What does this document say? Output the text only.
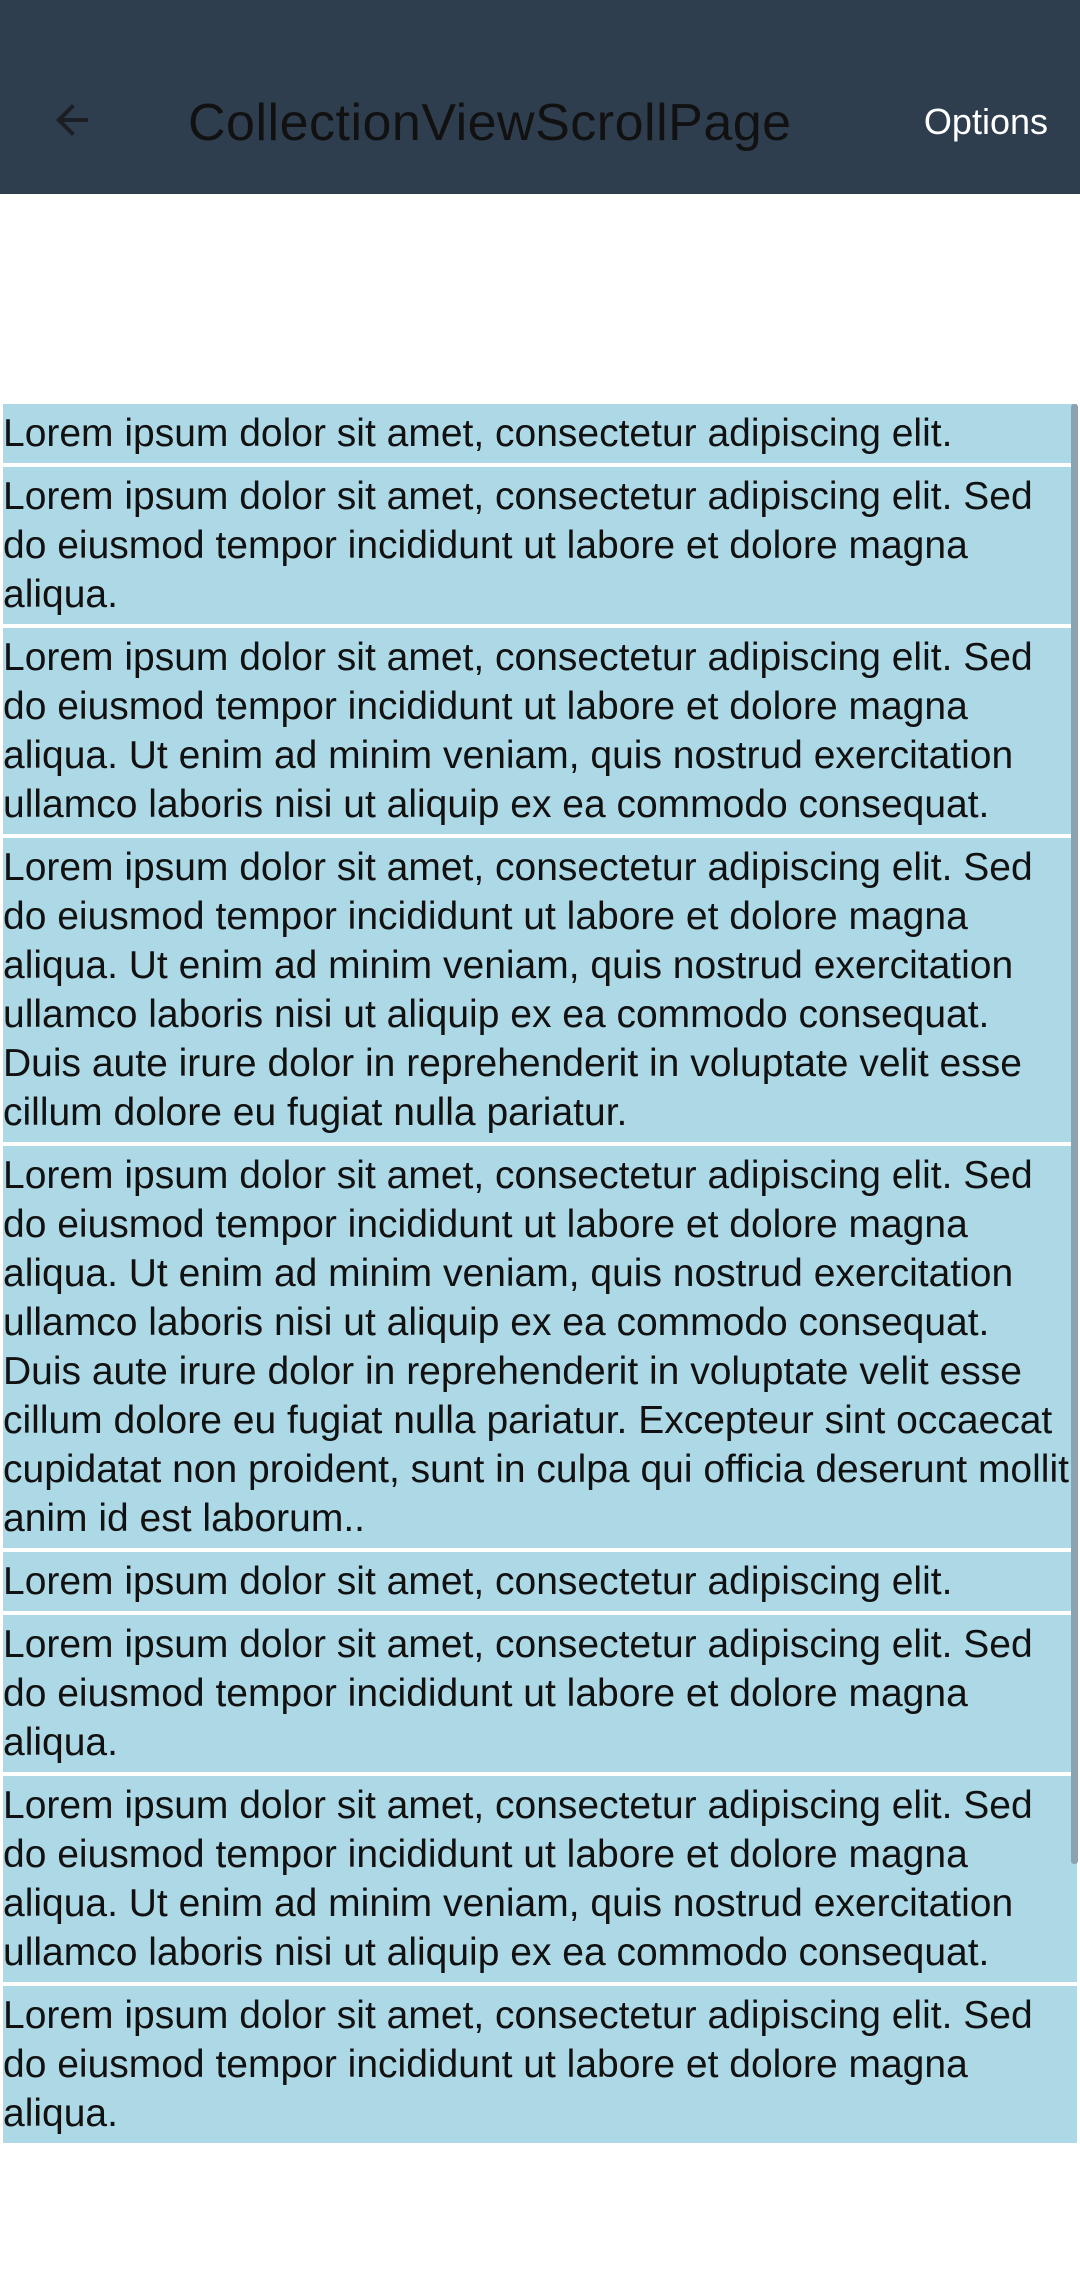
CollectionViewScrollPage	Options
Lorem ipsum dolor sit amet, consectetur adipiscing elit.
Lorem ipsum dolor sit amet, consectetur adipiscing elit. Sed do eiusmod tempor incididunt ut labore et dolore magna aliqua.
Lorem ipsum dolor sit amet, consectetur adipiscing elit. Sed do eiusmod tempor incididunt ut labore et dolore magna aliqua. Ut enim ad minim veniam, quis nostrud exercitation ullamco laboris nisi ut aliquip ex ea commodo consequat.
Lorem ipsum dolor sit amet, consectetur adipiscing elit. Sed do eiusmod tempor incididunt ut labore et dolore magna aliqua. Ut enim ad minim veniam, quis nostrud exercitation ullamco laboris nisi ut aliquip ex ea commodo consequat. Duis aute irure dolor in reprehenderit in voluptate velit esse cillum dolore eu fugiat nulla pariatur.
Lorem ipsum dolor sit amet, consectetur adipiscing elit. Sed do eiusmod tempor incididunt ut labore et dolore magna aliqua. Ut enim ad minim veniam, quis nostrud exercitation ullamco laboris nisi ut aliquip ex ea commodo consequat. Duis aute irure dolor in reprehenderit in voluptate velit esse cillum dolore eu fugiat nulla pariatur. Excepteur sint occaecat cupidatat non proident, sunt in culpa qui officia deserunt mollit anim id est laborum..
Lorem ipsum dolor sit amet, consectetur adipiscing elit.
Lorem ipsum dolor sit amet, consectetur adipiscing elit. Sed do eiusmod tempor incididunt ut labore et dolore magna aliqua.
Lorem ipsum dolor sit amet, consectetur adipiscing elit. Sed do eiusmod tempor incididunt ut labore et dolore magna aliqua. Ut enim ad minim veniam, quis nostrud exercitation ullamco laboris nisi ut aliquip ex ea commodo consequat.
Lorem ipsum dolor sit amet, consectetur adipiscing elit. Sed do eiusmod tempor incididunt ut labore et dolore magna aliqua.
